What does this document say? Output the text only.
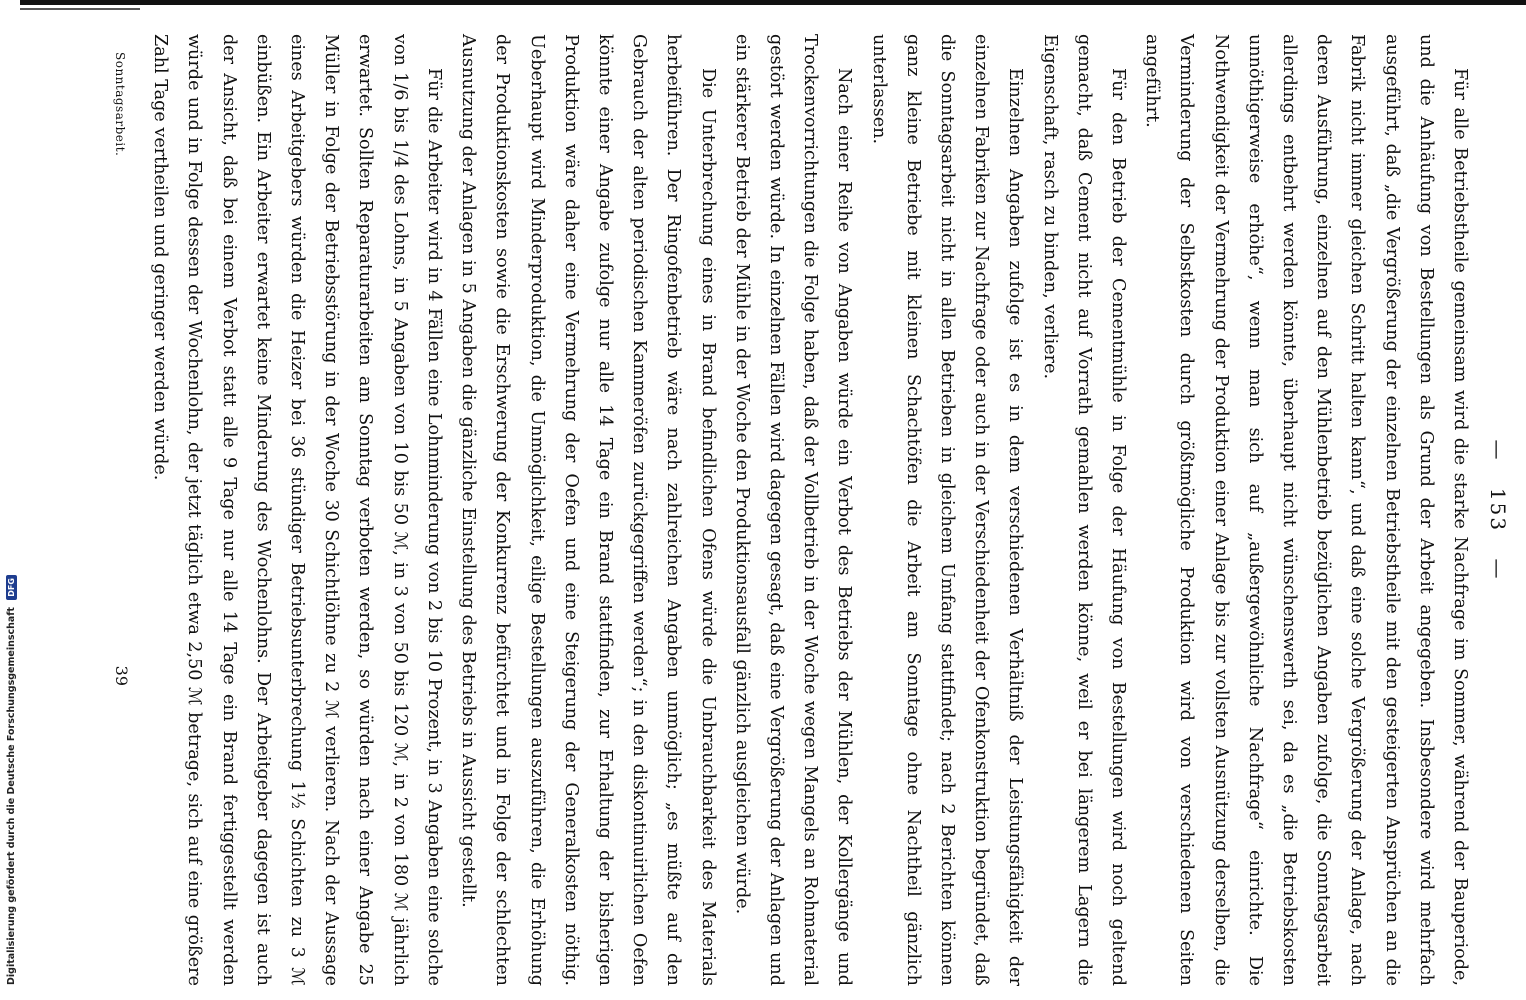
— 153 —

Für alle Betriebstheile gemeinsam wird die starke Nachfrage im Sommer, während der Bauperiode, und die Anhäufung von Bestellungen als Grund der Arbeit angegeben. Insbesondere wird mehrfach ausgeführt, daß „die Vergrößerung der einzelnen Betriebstheile mit den gesteigerten Ansprüchen an die Fabrik nicht immer gleichen Schritt halten kann“, und daß eine solche Vergrößerung der Anlage, nach deren Ausführung, einzelnen auf den Mühlenbetrieb bezüglichen Angaben zufolge, die Sonntagsarbeit allerdings entbehrt werden könnte, überhaupt nicht wünschenswerth sei, da es „die Betriebskosten unnöthigerweise erhöhe“, wenn man sich auf „außergewöhnliche Nachfrage“ einrichte. Die Nothwendigkeit der Vermehrung der Produktion einer Anlage bis zur vollsten Ausnützung derselben, die Verminderung der Selbstkosten durch größtmögliche Produktion wird von verschiedenen Seiten angeführt.

Für den Betrieb der Cementmühle in Folge der Häufung von Bestellungen wird noch geltend gemacht, daß Cement nicht auf Vorrath gemahlen werden könne, weil er bei längerem Lagern die Eigenschaft, rasch zu binden, verliere.

Einzelnen Angaben zufolge ist es in dem verschiedenen Verhältniß der Leistungsfähigkeit der einzelnen Fabriken zur Nachfrage oder auch in der Verschiedenheit der Ofenkonstruktion begründet, daß die Sonntagsarbeit nicht in allen Betrieben in gleichem Umfang stattfindet; nach 2 Berichten können ganz kleine Betriebe mit kleinen Schachtöfen die Arbeit am Sonntage ohne Nachtheil gänzlich unterlassen.

Nach einer Reihe von Angaben würde ein Verbot des Betriebs der Mühlen, der Kollergänge und Trockenvorrichtungen die Folge haben, daß der Vollbetrieb in der Woche wegen Mangels an Rohmaterial gestört werden würde. In einzelnen Fällen wird dagegen gesagt, daß eine Vergrößerung der Anlagen und ein stärkerer Betrieb der Mühle in der Woche den Produktionsausfall gänzlich ausgleichen würde.

Die Unterbrechung eines in Brand befindlichen Ofens würde die Unbrauchbarkeit des Materials herbeiführen. Der Ringofenbetrieb wäre nach zahlreichen Angaben unmöglich; „es müßte auf den Gebrauch der alten periodischen Kammeröfen zurückgegriffen werden“; in den diskontinuirlichen Oefen könnte einer Angabe zufolge nur alle 14 Tage ein Brand stattfinden, zur Erhaltung der bisherigen Produktion wäre daher eine Vermehrung der Oefen und eine Steigerung der Generalkosten nöthig. Ueberhaupt wird Minderproduktion, die Unmöglichkeit, eilige Bestellungen auszuführen, die Erhöhung der Produktionskosten sowie die Erschwerung der Konkurrenz befürchtet und in Folge der schlechten Ausnutzung der Anlagen in 5 Angaben die gänzliche Einstellung des Betriebs in Aussicht gestellt.

Für die Arbeiter wird in 4 Fällen eine Lohnminderung von 2 bis 10 Prozent, in 3 Angaben eine solche von 1/6 bis 1/4 des Lohns, in 5 Angaben von 10 bis 50 ℳ, in 3 von 50 bis 120 ℳ, in 2 von 180 ℳ jährlich erwartet. Sollten Reparaturarbeiten am Sonntag verboten werden, so würden nach einer Angabe 25 Müller in Folge der Betriebsstörung in der Woche 30 Schichtlöhne zu 2 ℳ verlieren. Nach der Aussage eines Arbeitgebers würden die Heizer bei 36 stündiger Betriebsunterbrechung 1½ Schichten zu 3 ℳ einbüßen. Ein Arbeiter erwartet keine Minderung des Wochenlohns. Der Arbeitgeber dagegen ist auch der Ansicht, daß bei einem Verbot statt alle 9 Tage nur alle 14 Tage ein Brand fertiggestellt werden würde und in Folge dessen der Wochenlohn, der jetzt täglich etwa 2,50 ℳ betrage, sich auf eine größere Zahl Tage vertheilen und geringer werden würde.

Sonntagsarbeit.
39
Digitalisierung gefördert durch die Deutsche Forschungsgemeinschaft DFG
